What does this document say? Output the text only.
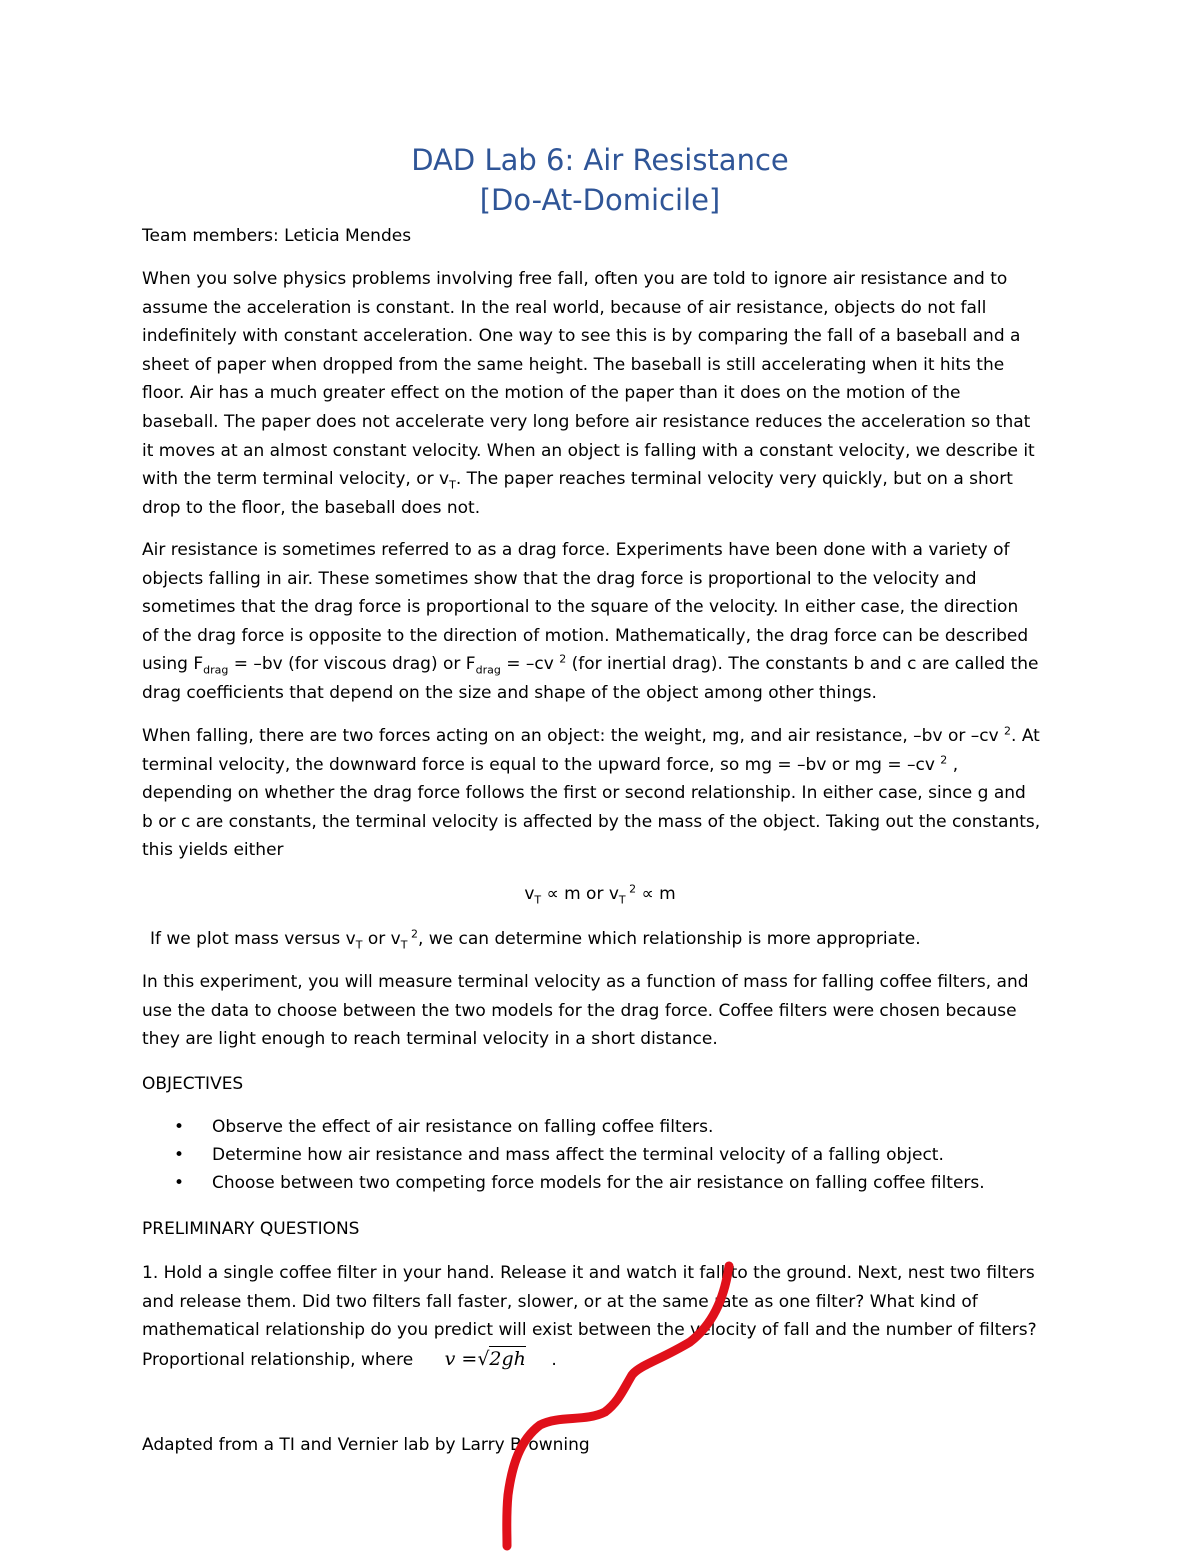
DAD Lab 6: Air Resistance
[Do-At-Domicile]
Team members: Leticia Mendes
When you solve physics problems involving free fall, often you are told to ignore air resistance and to
assume the acceleration is constant. In the real world, because of air resistance, objects do not fall
indefinitely with constant acceleration. One way to see this is by comparing the fall of a baseball and a
sheet of paper when dropped from the same height. The baseball is still accelerating when it hits the
floor. Air has a much greater effect on the motion of the paper than it does on the motion of the
baseball. The paper does not accelerate very long before air resistance reduces the acceleration so that
it moves at an almost constant velocity. When an object is falling with a constant velocity, we describe it
with the term terminal velocity, or $v_T$. The paper reaches terminal velocity very quickly, but on a short
drop to the floor, the baseball does not.
Air resistance is sometimes referred to as a drag force. Experiments have been done with a variety of
objects falling in air. These sometimes show that the drag force is proportional to the velocity and
sometimes that the drag force is proportional to the square of the velocity. In either case, the direction
of the drag force is opposite to the direction of motion. Mathematically, the drag force can be described
using $F_{drag} = -bv$ (for viscous drag) or $F_{drag} = -cv$ $^2$ (for inertial drag). The constants b and c are called the
drag coefficients that depend on the size and shape of the object among other things.
When falling, there are two forces acting on an object: the weight, mg, and air resistance, –bv or –cv $^2$. At
terminal velocity, the downward force is equal to the upward force, so mg = –bv or mg = –cv $^2$ ,
depending on whether the drag force follows the first or second relationship. In either case, since g and
b or c are constants, the terminal velocity is affected by the mass of the object. Taking out the constants,
this yields either
$v_T \propto m$ or $v_T$ $^2$ ∝ m
If we plot mass versus $v_T$ or $v_T$ $^2$, we can determine which relationship is more appropriate.
In this experiment, you will measure terminal velocity as a function of mass for falling coffee filters, and
use the data to choose between the two models for the drag force. Coffee filters were chosen because
they are light enough to reach terminal velocity in a short distance.
OBJECTIVES
• Observe the effect of air resistance on falling coffee filters.
• Determine how air resistance and mass affect the terminal velocity of a falling object.
• Choose between two competing force models for the air resistance on falling coffee filters.
PRELIMINARY QUESTIONS
1. Hold a single coffee filter in your hand. Release it and watch it fall to the ground. Next, nest two filters
and release them. Did two filters fall faster, slower, or at the same rate as one filter? What kind of
mathematical relationship do you predict will exist between the velocity of fall and the number of filters?
Proportional relationship, where v =√2gh .
Adapted from a TI and Vernier lab by Larry Browning
